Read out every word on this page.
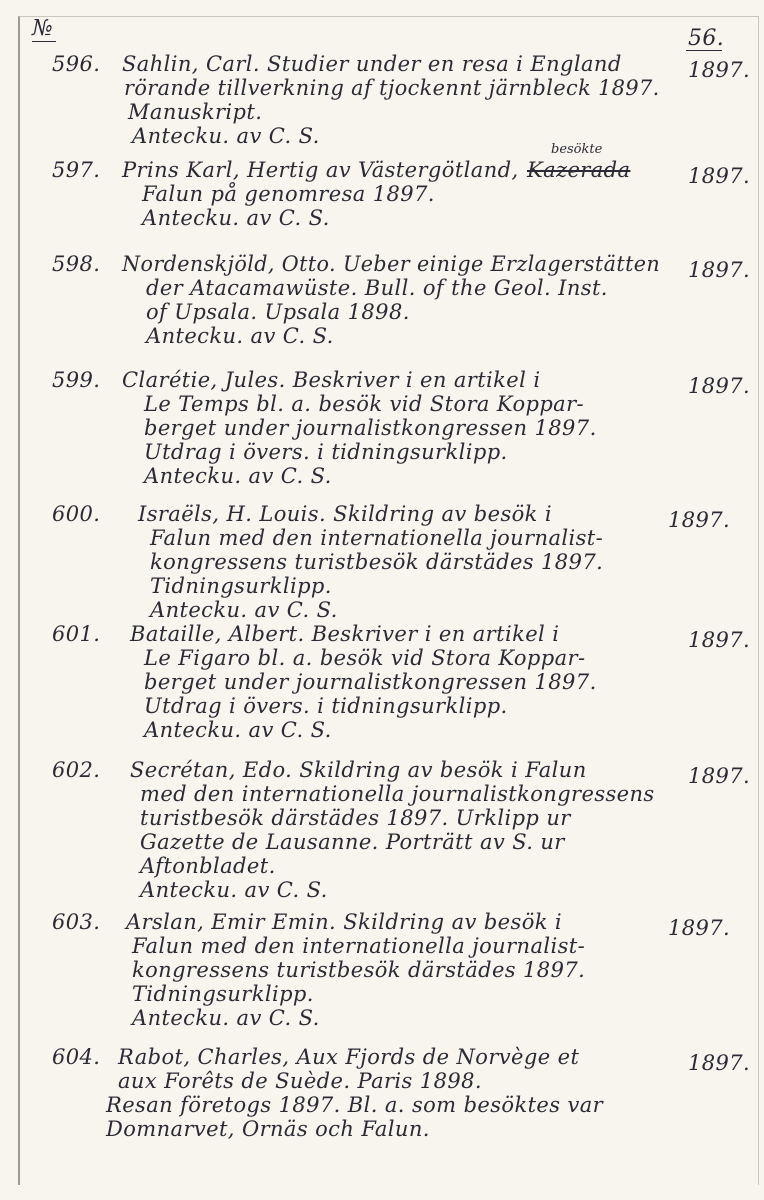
№	56.
596. Sahlin, Carl. Studier under en resa i England
rörande tillverkning af tjockennt järnbleck 1897.
Manuskript.
Antecku. av C. S.
1897.
597. Prins Karl, Hertig av Västergötland, Kazerada
besökte
Falun på genomresa 1897.
Antecku. av C. S.
1897.
598. Nordenskjöld, Otto. Ueber einige Erzlagerstätten
der Atacamawüste. Bull. of the Geol. Inst.
of Upsala. Upsala 1898.
Antecku. av C. S.
1897.
599. Clarétie, Jules. Beskriver i en artikel i
Le Temps bl. a. besök vid Stora Koppar-
berget under journalistkongressen 1897.
Utdrag i övers. i tidningsurklipp.
Antecku. av C. S.
1897.
600. Israëls, H. Louis. Skildring av besök i
Falun med den internationella journalist-
kongressens turistbesök därstädes 1897.
Tidningsurklipp.
Antecku. av C. S.
1897.
601. Bataille, Albert. Beskriver i en artikel i
Le Figaro bl. a. besök vid Stora Koppar-
berget under journalistkongressen 1897.
Utdrag i övers. i tidningsurklipp.
Antecku. av C. S.
1897.
602. Secrétan, Edo. Skildring av besök i Falun
med den internationella journalistkongressens
turistbesök därstädes 1897. Urklipp ur
Gazette de Lausanne. Porträtt av S. ur
Aftonbladet.
Antecku. av C. S.
1897.
603. Arslan, Emir Emin. Skildring av besök i
Falun med den internationella journalist-
kongressens turistbesök därstädes 1897.
Tidningsurklipp.
Antecku. av C. S.
1897.
604. Rabot, Charles, Aux Fjords de Norvège et
aux Forêts de Suède. Paris 1898.
Resan företogs 1897. Bl. a. som besöktes var
Domnarvet, Ornäs och Falun.
1897.
